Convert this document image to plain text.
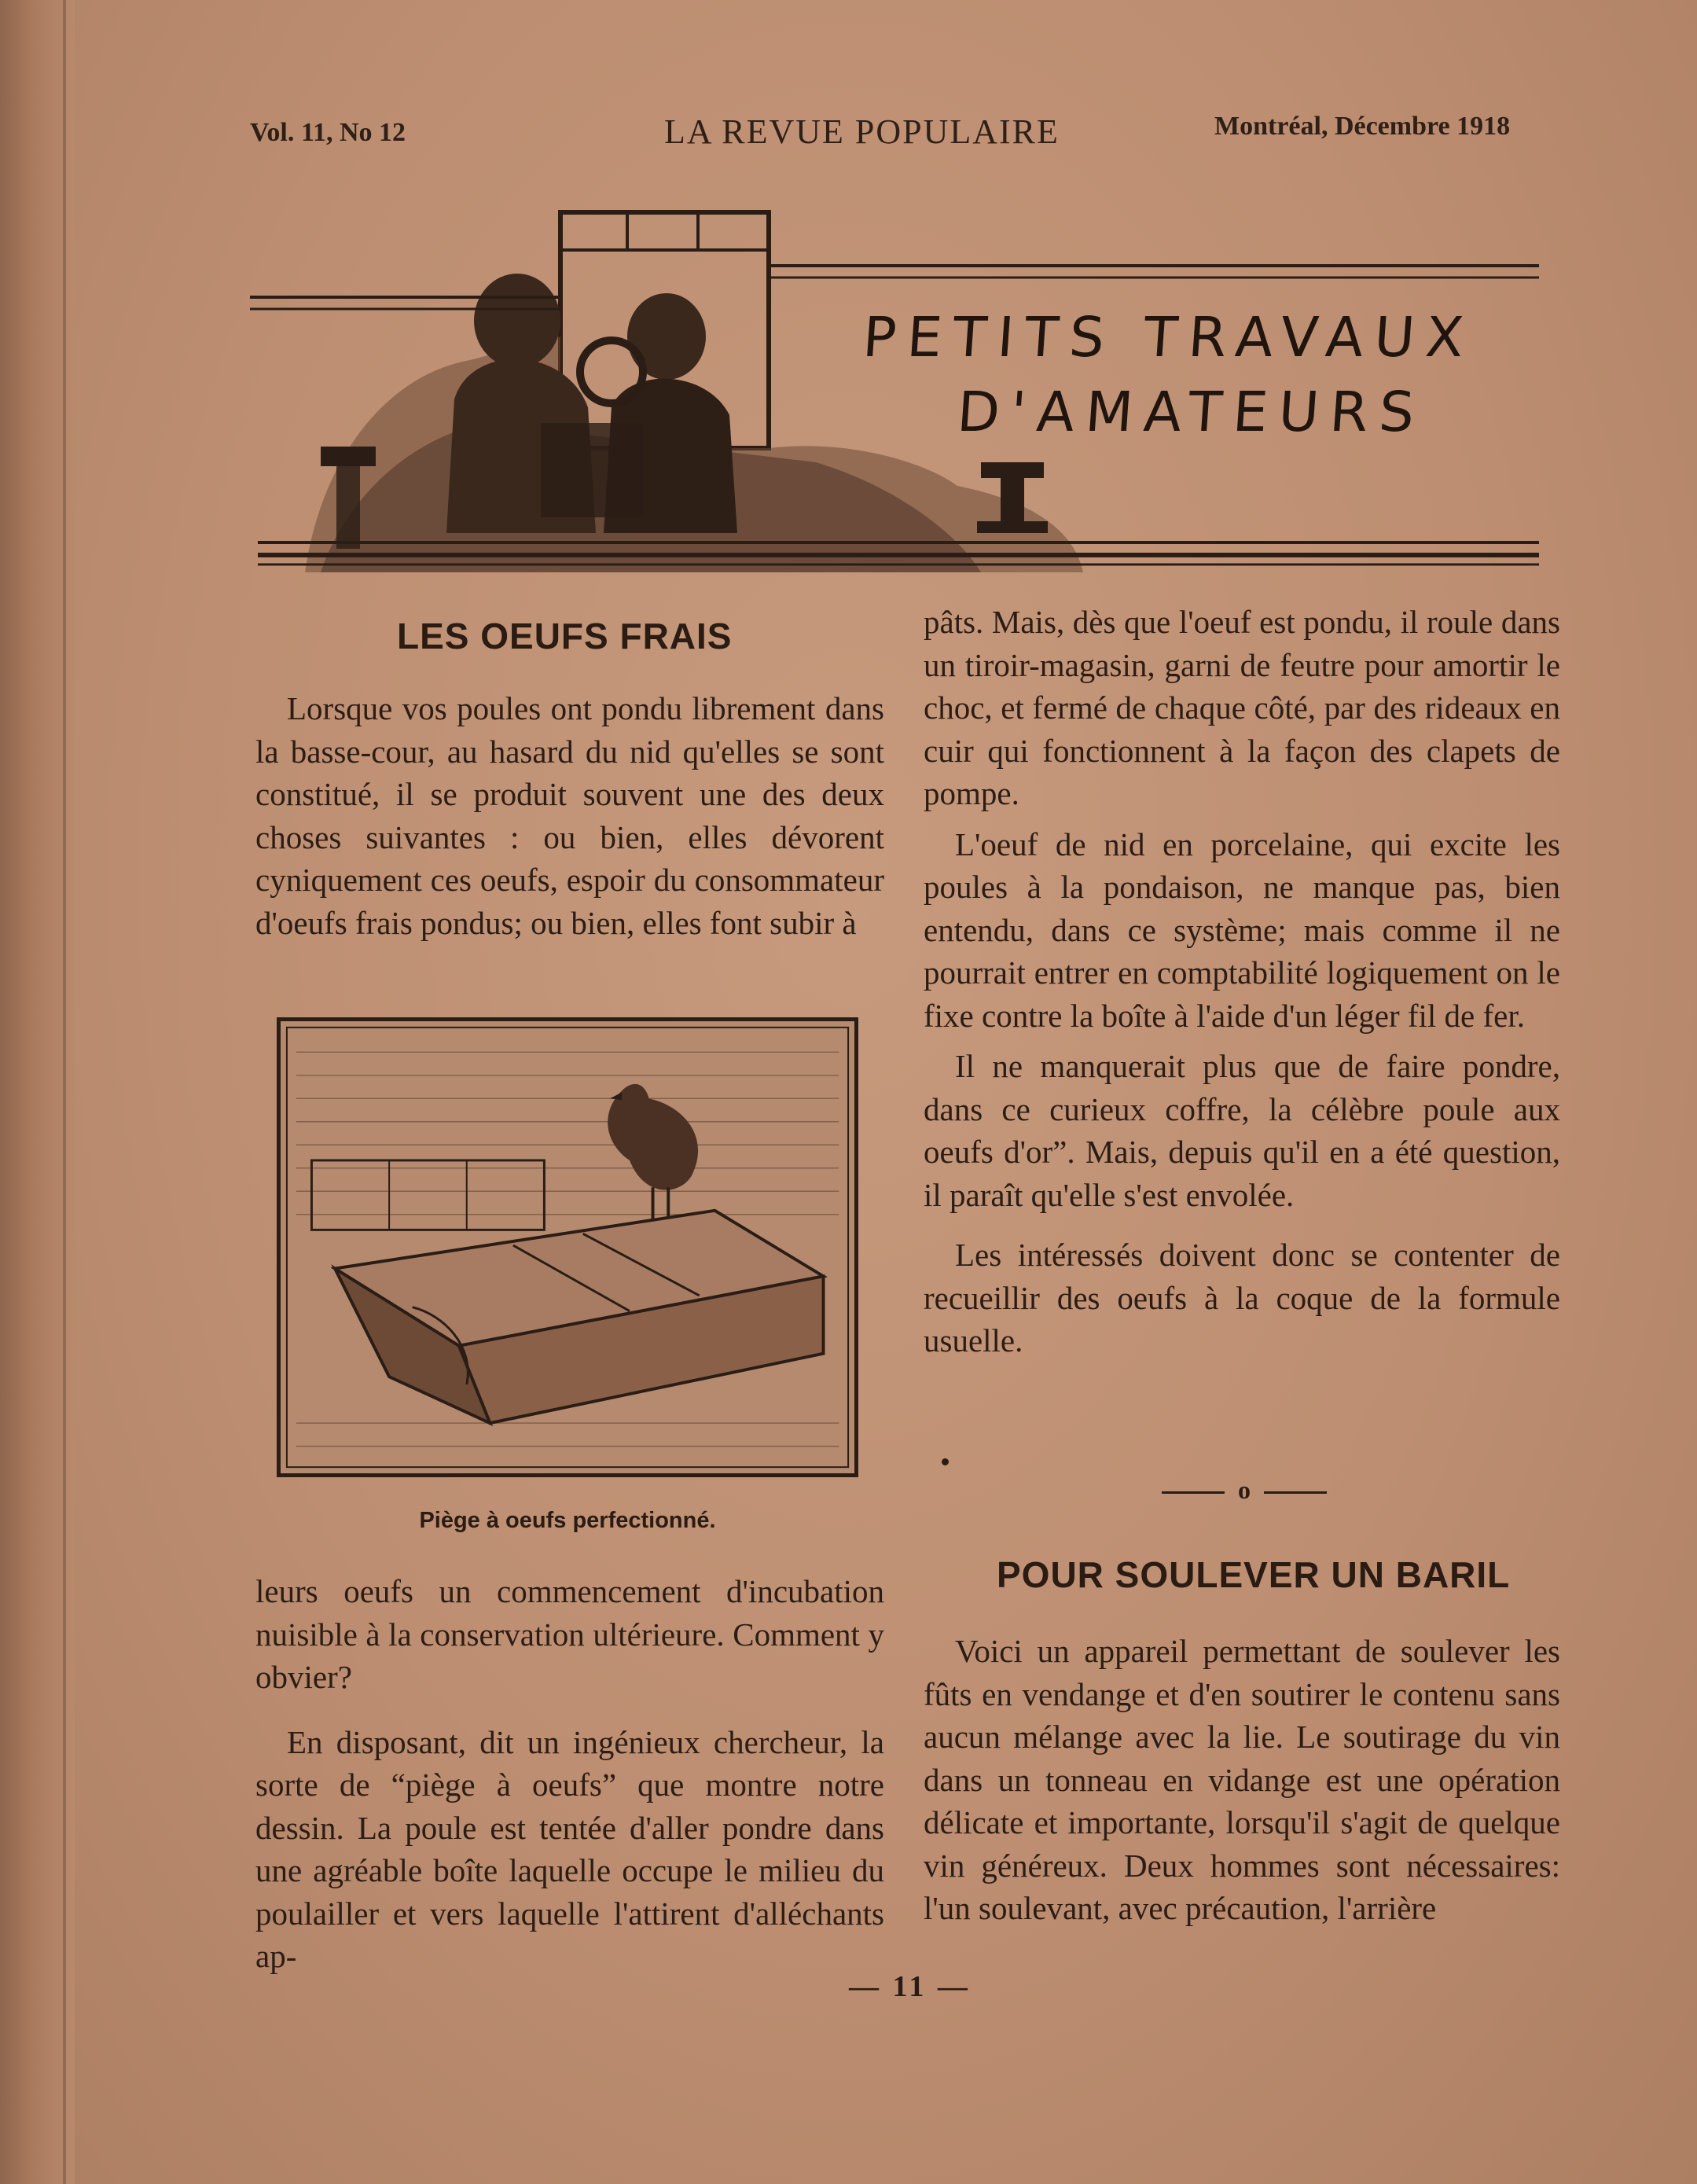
Vol. 11, No 12	LA REVUE POPULAIRE	Montréal, Décembre 1918
PETITS TRAVAUX
D'AMATEURS
LES OEUFS FRAIS

Lorsque vos poules ont pondu librement dans la basse-cour, au hasard du nid qu'elles se sont constitué, il se produit souvent une des deux choses suivantes : ou bien, elles dévorent cyniquement ces oeufs, espoir du consommateur d'oeufs frais pondus; ou bien, elles font subir à

Piège à oeufs perfectionné.

leurs oeufs un commencement d'incubation nuisible à la conservation ultérieure. Comment y obvier?

En disposant, dit un ingénieux chercheur, la sorte de “piège à oeufs” que montre notre dessin. La poule est tentée d'aller pondre dans une agréable boîte laquelle occupe le milieu du poulailler et vers laquelle l'attirent d'alléchants ap-

pâts. Mais, dès que l'oeuf est pondu, il roule dans un tiroir-magasin, garni de feutre pour amortir le choc, et fermé de chaque côté, par des rideaux en cuir qui fonctionnent à la façon des clapets de pompe.

L'oeuf de nid en porcelaine, qui excite les poules à la pondaison, ne manque pas, bien entendu, dans ce système; mais comme il ne pourrait entrer en comptabilité logiquement on le fixe contre la boîte à l'aide d'un léger fil de fer.

Il ne manquerait plus que de faire pondre, dans ce curieux coffre, la célèbre poule aux oeufs d'or”. Mais, depuis qu'il en a été question, il paraît qu'elle s'est envolée.

Les intéressés doivent donc se contenter de recueillir des oeufs à la coque de la formule usuelle.

o
POUR SOULEVER UN BARIL

Voici un appareil permettant de soulever les fûts en vendange et d'en soutirer le contenu sans aucun mélange avec la lie. Le soutirage du vin dans un tonneau en vidange est une opération délicate et importante, lorsqu'il s'agit de quelque vin généreux. Deux hommes sont nécessaires: l'un soulevant, avec précaution, l'arrière

— 11 —
